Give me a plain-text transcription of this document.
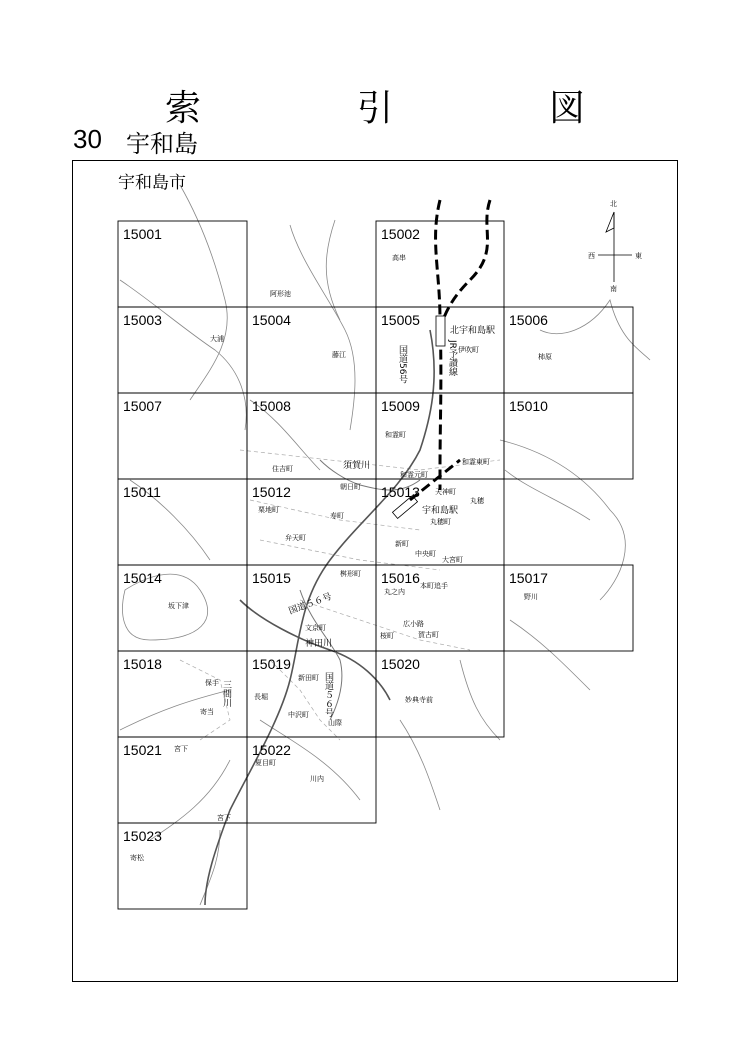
索　引　図
30 宇和島
宇和島市
15001	15002
15003	15004	15005	15006
15007	15008	15009	15010
15011	15012	15013
15014	15015	15016	15017
15018	15019	15020
15021	15022
15023
北
南
東
西
阿形池
高串
大浦
藤江	国道56号	JR予讃線
北宇和島駅
伊吹町
柿原
和霊町
須賀川
住吉町
朝日町
和霊元町
和霊東町
天神町
丸穂
丸穂町
宇和島駅
栗地町
寿町
弁天町
新町
中央町
大宮町
桝形町
本町追手
丸之内
野川
坂下津	国道５６号
文京町
神田川
広小路
桜町	賀古町
保手
寄当
三間川
新田町
長堀	国道５６号
中沢町
山際
妙典寺前
宮下
夏目町
川内
宮下
寄松
